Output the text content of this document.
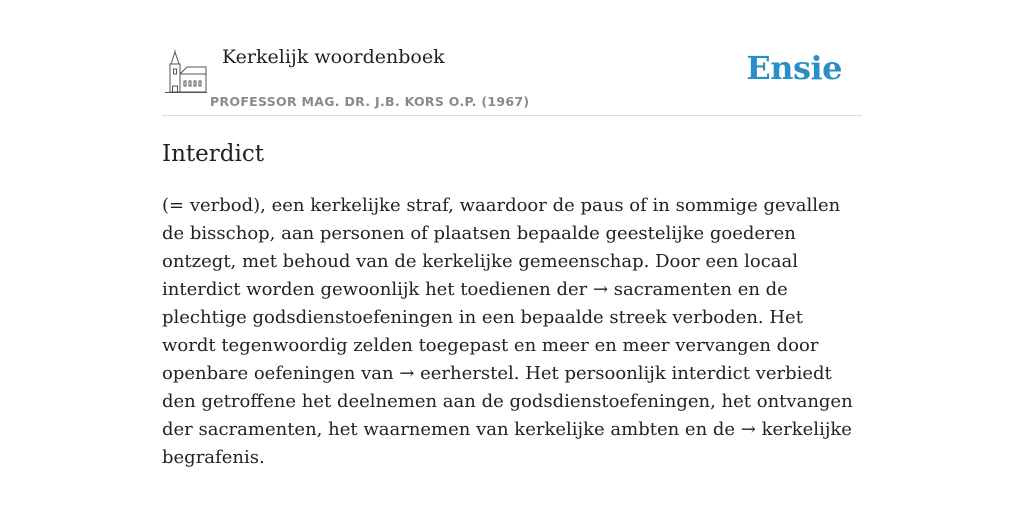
Kerkelijk woordenboek
PROFESSOR MAG. DR. J.B. KORS O.P. (1967)
Ensie
Interdict

(= verbod), een kerkelijke straf, waardoor de paus of in sommige gevallen de bisschop, aan personen of plaatsen bepaalde geestelijke goederen ontzegt, met behoud van de kerkelijke gemeenschap. Door een locaal interdict worden gewoonlijk het toedienen der → sacramenten en de plechtige godsdienstoefeningen in een bepaalde streek verboden. Het wordt tegenwoordig zelden toegepast en meer en meer vervangen door openbare oefeningen van → eerherstel. Het persoonlijk interdict verbiedt den getroffene het deelnemen aan de godsdienstoefeningen, het ontvangen der sacramenten, het waarnemen van kerkelijke ambten en de → kerkelijke begrafenis.
